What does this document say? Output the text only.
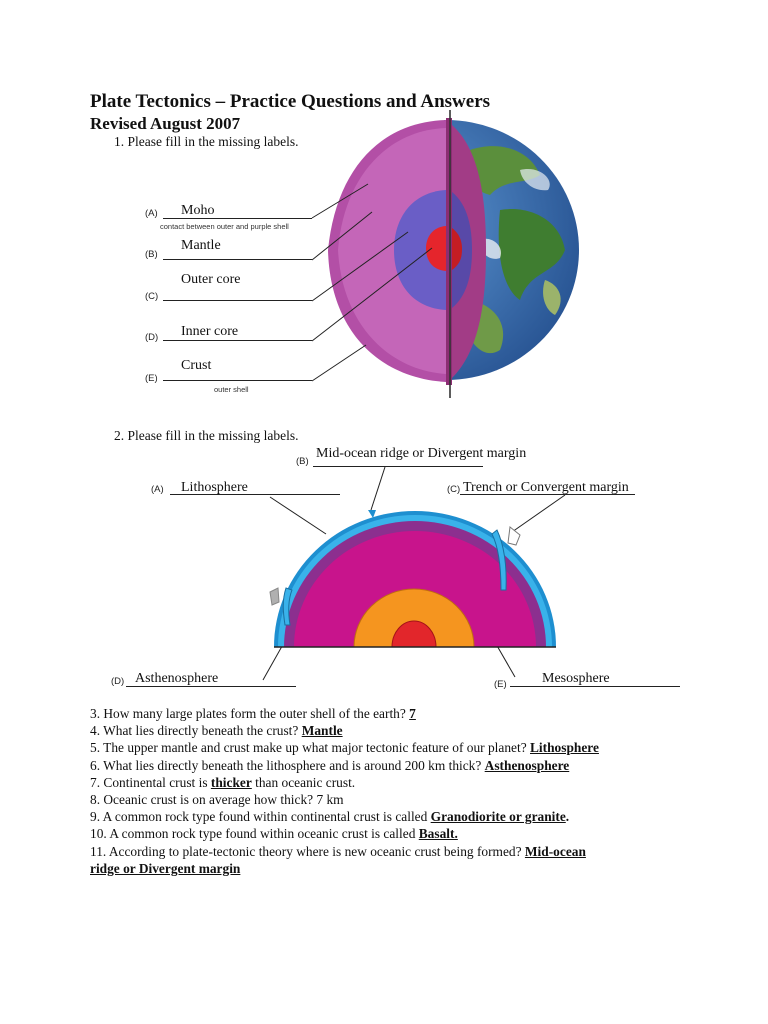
Plate Tectonics – Practice Questions and Answers
Revised August 2007
1. Please fill in the missing labels.
(A) Moho
contact between outer and purple shell
(B)
Mantle
(C)
Outer core
(D) Inner core
(E)
Crust
outer shell
2. Please fill in the missing labels.
(B)
Mid-ocean ridge or Divergent margin
(A) Lithosphere	(C) Trench or Convergent margin
(D) Asthenosphere	(E)	Mesosphere

3. How many large plates form the outer shell of the earth? 7

4. What lies directly beneath the crust? Mantle

5. The upper mantle and crust make up what major tectonic feature of our planet? Lithosphere

6. What lies directly beneath the lithosphere and is around 200 km thick? Asthenosphere

7. Continental crust is thicker than oceanic crust.

8. Oceanic crust is on average how thick? 7 km

9. A common rock type found within continental crust is called Granodiorite or granite.

10. A common rock type found within oceanic crust is called Basalt.

11. According to plate-tectonic theory where is new oceanic crust being formed? Mid-ocean

ridge or Divergent margin
